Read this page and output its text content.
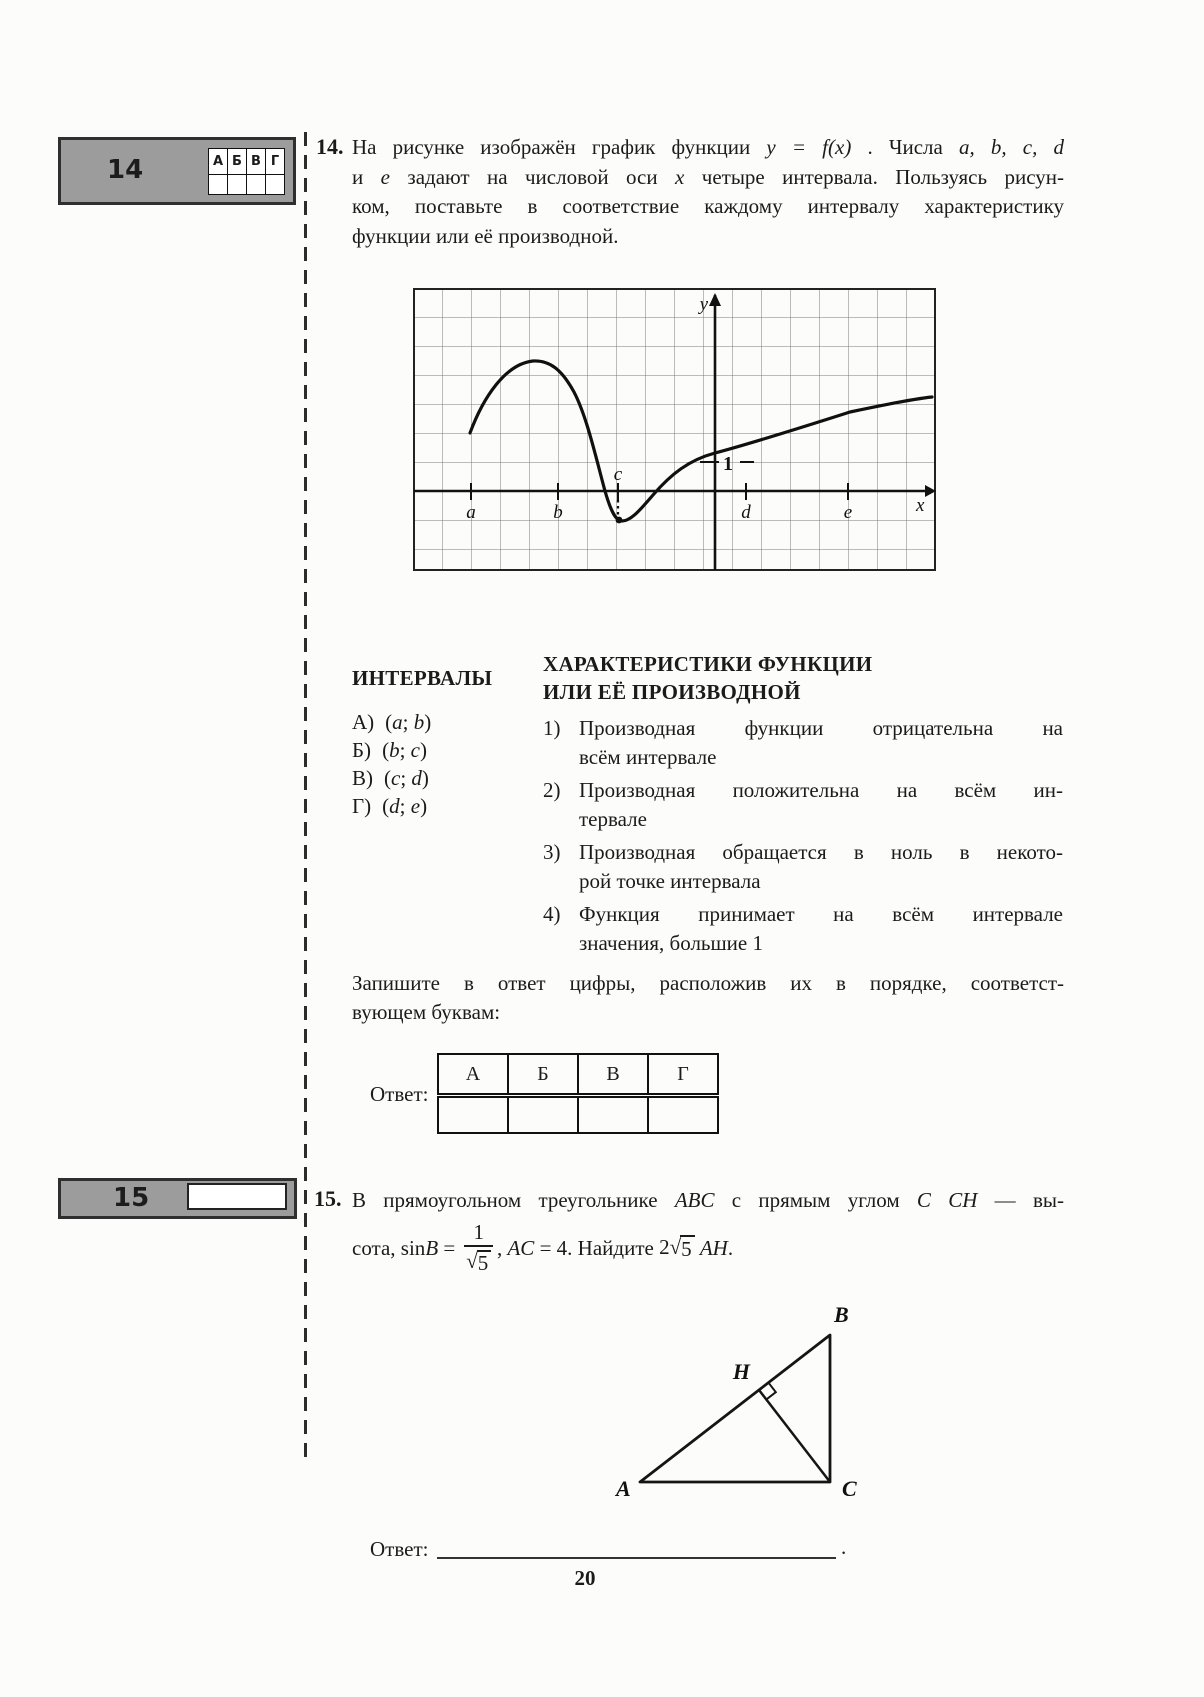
14	А	Б	В	Г

15
14. На рисунке изображён график функции y = f(x) . Числа a, b, c, d
и e задают на числовой оси x четыре интервала. Пользуясь рисун-
ком, поставьте в соответствие каждому интервалу характеристику
функции или её производной.
y
x
a	b
c
d	e
1
ИНТЕРВАЛЫ
А) (a; b)
Б) (b; c)
В) (c; d)
Г) (d; e)
ХАРАКТЕРИСТИКИ ФУНКЦИИ
ИЛИ ЕЁ ПРОИЗВОДНОЙ
1) Производная функции отрицательна на
всём интервале
2) Производная положительна на всём ин-
тервале
3) Производная обращается в ноль в некото-
рой точке интервала
4) Функция принимает на всём интервале
значения, большие 1
Запишите в ответ цифры, расположив их в порядке, соответст-
вующем буквам:
Ответ:
А	Б	В	Г

15. В прямоугольном треугольнике ABC с прямым углом C CH — вы-
сота, $\sin B = \frac{1}{√ 5}$ , AC = 4. Найдите 2 √ 5
AH .
A
B
C
H
Ответ:	.
20
